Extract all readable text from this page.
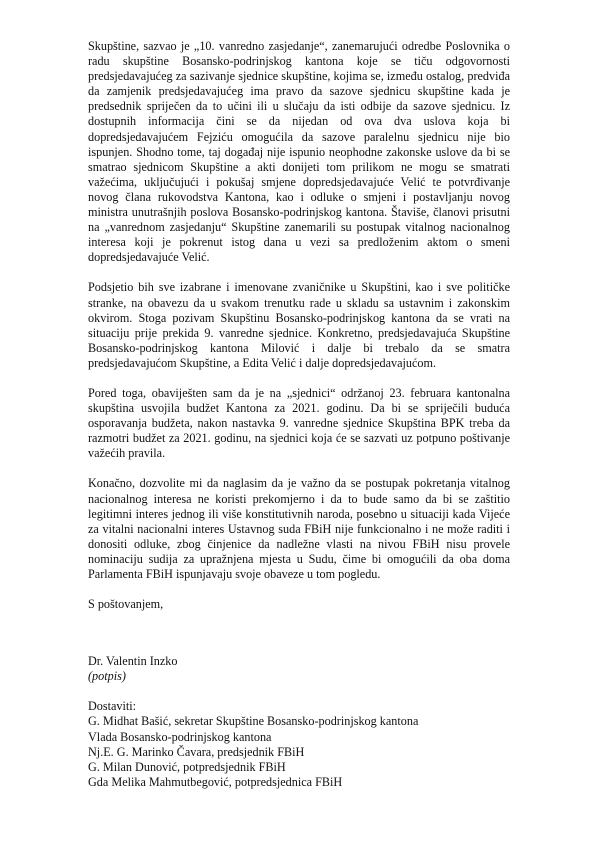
Skupštine, sazvao je „10. vanredno zasjedanje“, zanemarujući odredbe Poslovnika o radu skupštine Bosansko-podrinjskog kantona koje se tiču odgovornosti predsjedavajućeg za sazivanje sjednice skupštine, kojima se, između ostalog, predviđa da zamjenik predsjedavajućeg ima pravo da sazove sjednicu skupštine kada je predsednik spriječen da to učini ili u slučaju da isti odbije da sazove sjednicu. Iz dostupnih informacija čini se da nijedan od ova dva uslova koja bi dopredsjedavajućem Fejziću omogućila da sazove paralelnu sjednicu nije bio ispunjen. Shodno tome, taj događaj nije ispunio neophodne zakonske uslove da bi se smatrao sjednicom Skupštine a akti donijeti tom prilikom ne mogu se smatrati važećima, uključujući i pokušaj smjene dopredsjedavajuće Velić te potvrđivanje novog člana rukovodstva Kantona, kao i odluke o smjeni i postavljanju novog ministra unutrašnjih poslova Bosansko-podrinjskog kantona. Štaviše, članovi prisutni na „vanrednom zasjedanju“ Skupštine zanemarili su postupak vitalnog nacionalnog interesa koji je pokrenut istog dana u vezi sa predloženim aktom o smeni dopredsjedavajuće Velić.

Podsjetio bih sve izabrane i imenovane zvaničnike u Skupštini, kao i sve političke stranke, na obavezu da u svakom trenutku rade u skladu sa ustavnim i zakonskim okvirom. Stoga pozivam Skupštinu Bosansko-podrinjskog kantona da se vrati na situaciju prije prekida 9. vanredne sjednice. Konkretno, predsjedavajuća Skupštine Bosansko-podrinjskog kantona Milović i dalje bi trebalo da se smatra predsjedavajućom Skupštine, a Edita Velić i dalje dopredsjedavajućom.

Pored toga, obaviješten sam da je na „sjednici“ održanoj 23. februara kantonalna skupština usvojila budžet Kantona za 2021. godinu. Da bi se spriječili buduća osporavanja budžeta, nakon nastavka 9. vanredne sjednice Skupština BPK treba da razmotri budžet za 2021. godinu, na sjednici koja će se sazvati uz potpuno poštivanje važećih pravila.

Konačno, dozvolite mi da naglasim da je važno da se postupak pokretanja vitalnog nacionalnog interesa ne koristi prekomjerno i da to bude samo da bi se zaštitio legitimni interes jednog ili više konstitutivnih naroda, posebno u situaciji kada Vijeće za vitalni nacionalni interes Ustavnog suda FBiH nije funkcionalno i ne može raditi i donositi odluke, zbog činjenice da nadležne vlasti na nivou FBiH nisu provele nominaciju sudija za upražnjena mjesta u Sudu, čime bi omogućili da oba doma Parlamenta FBiH ispunjavaju svoje obaveze u tom pogledu.

S poštovanjem,

Dr. Valentin Inzko

(potpis)

Dostaviti:

G. Midhat Bašić, sekretar Skupštine Bosansko-podrinjskog kantona

Vlada Bosansko-podrinjskog kantona

Nj.E. G. Marinko Čavara, predsjednik FBiH

G. Milan Dunović, potpredsjednik FBiH

Gda Melika Mahmutbegović, potpredsjednica FBiH
